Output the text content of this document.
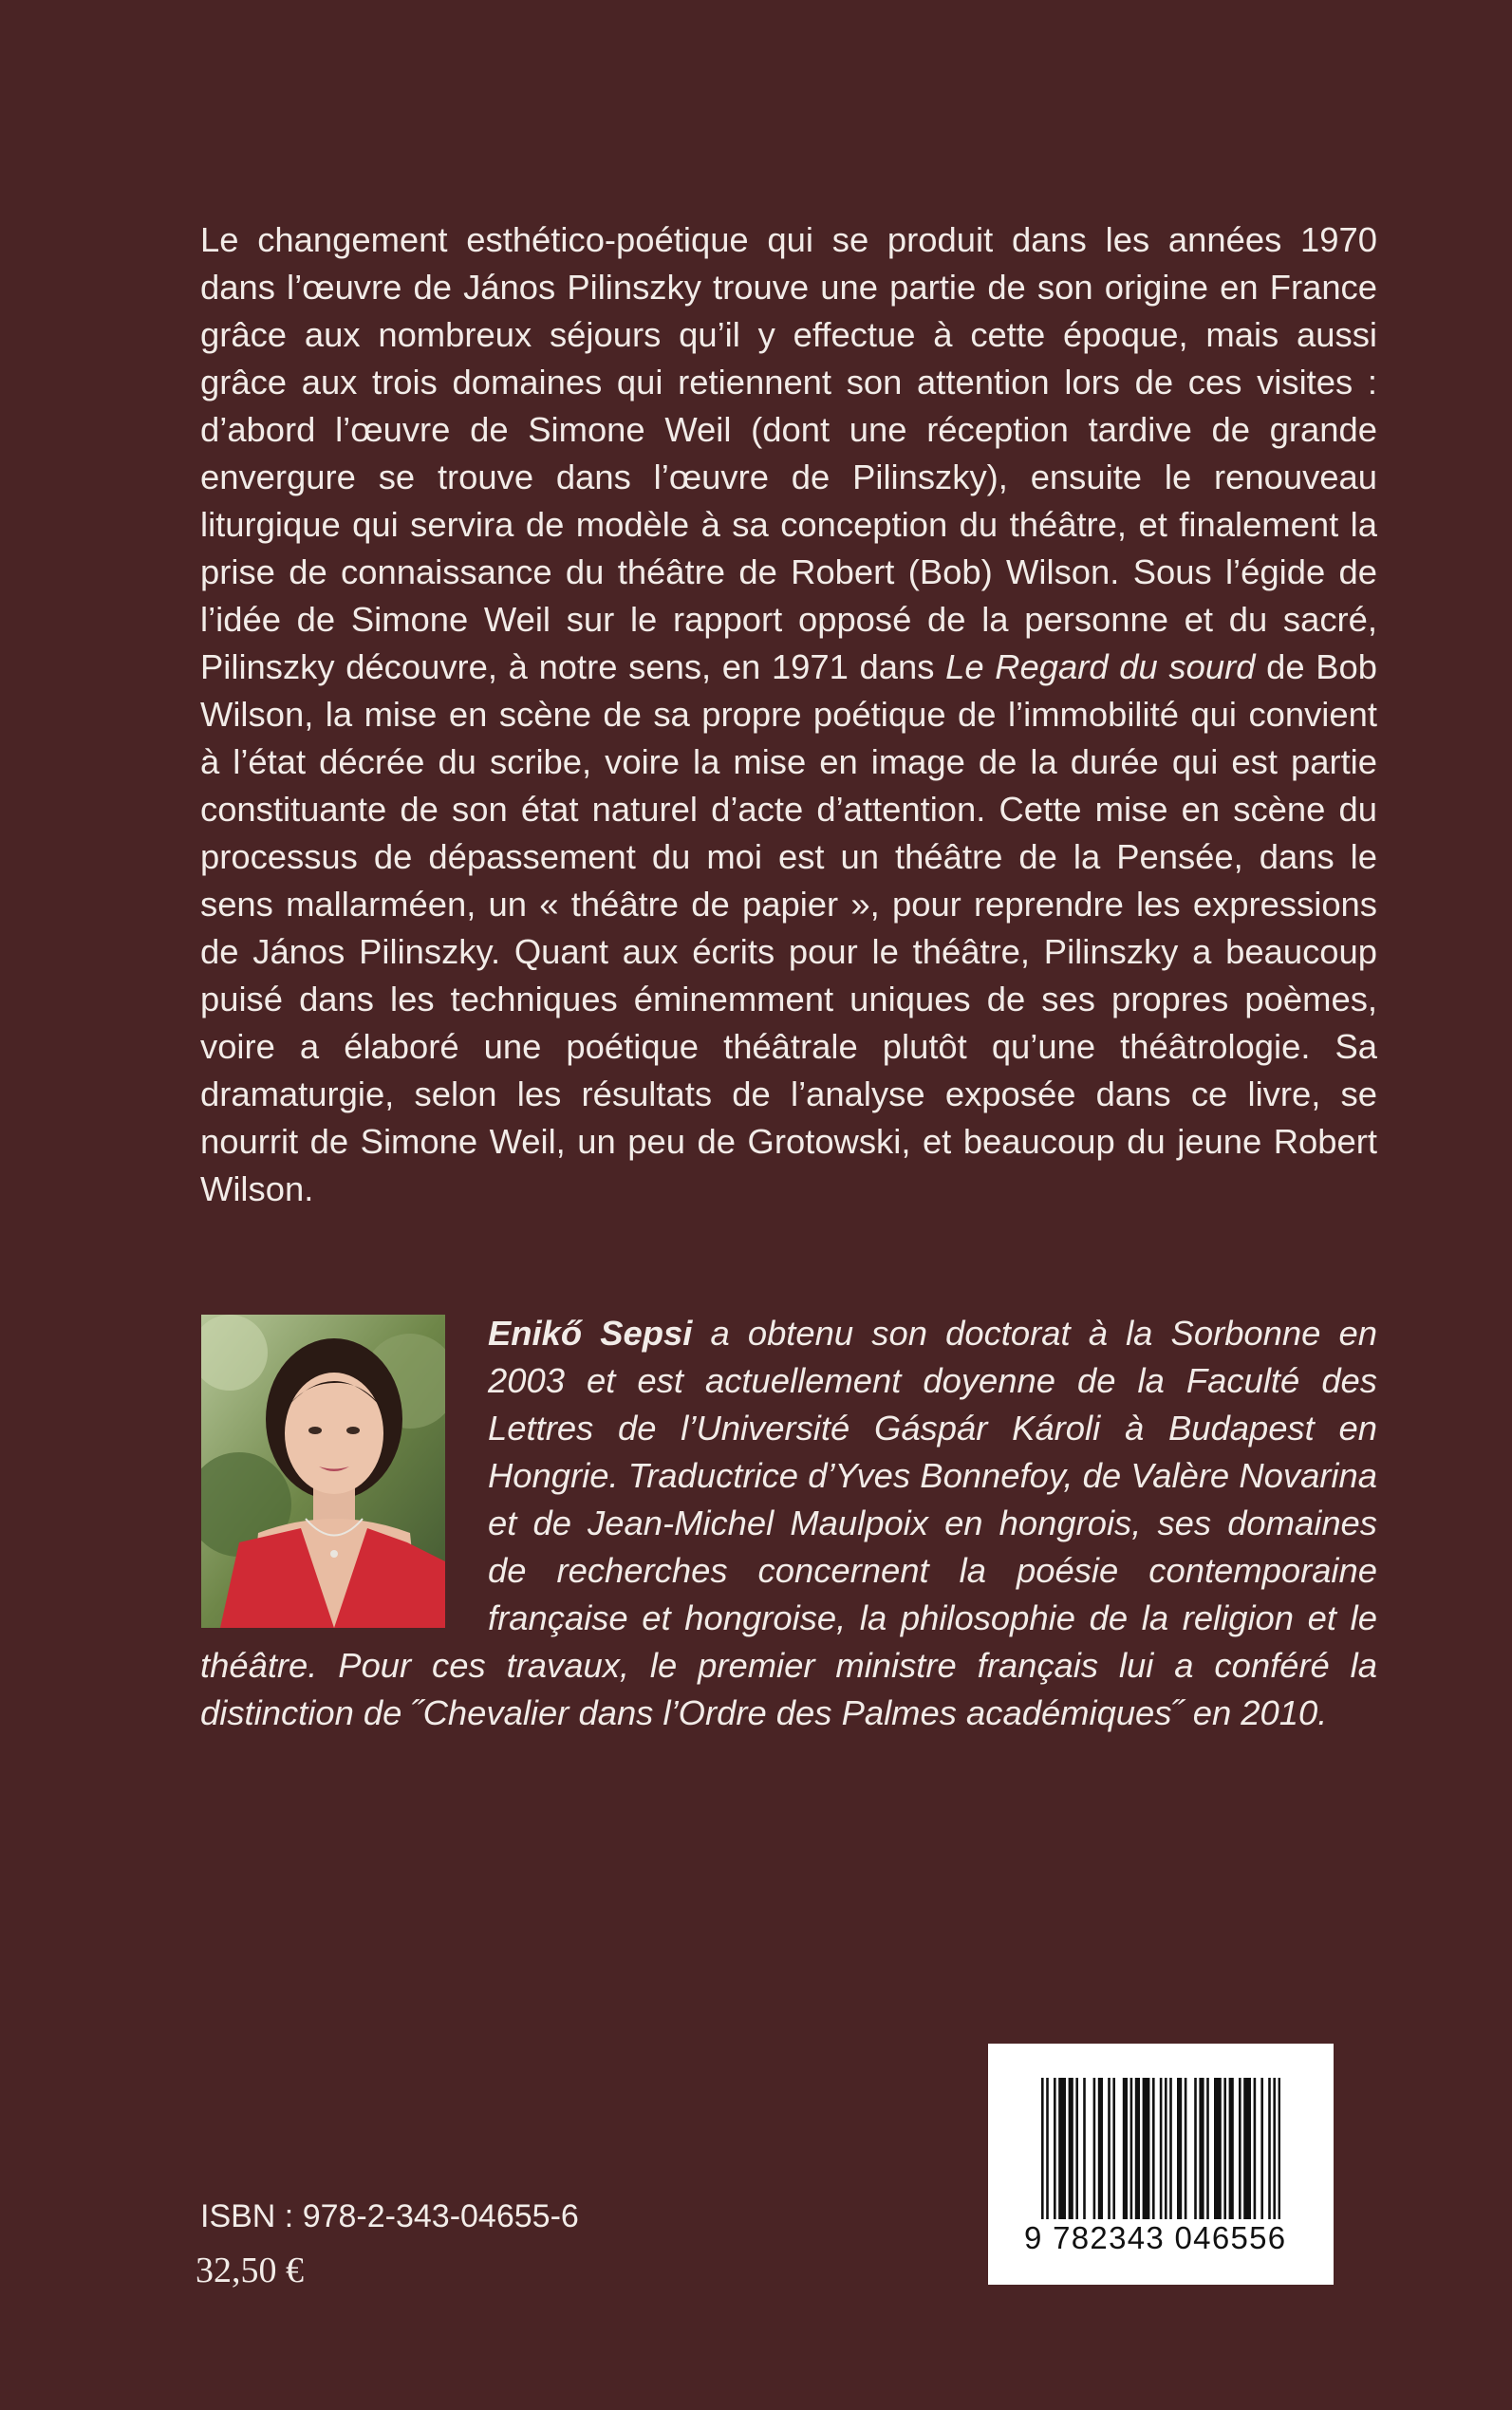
Le changement esthético-poétique qui se produit dans les années 1970 dans l’œuvre de János Pilinszky trouve une partie de son origine en France grâce aux nombreux séjours qu’il y effectue à cette époque, mais aussi grâce aux trois domaines qui retiennent son attention lors de ces visites : d’abord l’œuvre de Simone Weil (dont une réception tardive de grande envergure se trouve dans l’œuvre de Pilinszky), ensuite le renouveau liturgique qui servira de modèle à sa conception du théâtre, et finalement la prise de connaissance du théâtre de Robert (Bob) Wilson. Sous l’égide de l’idée de Simone Weil sur le rapport opposé de la personne et du sacré, Pilinszky découvre, à notre sens, en 1971 dans Le Regard du sourd de Bob Wilson, la mise en scène de sa propre poétique de l’immobilité qui convient à l’état décrée du scribe, voire la mise en image de la durée qui est partie constituante de son état naturel d’acte d’attention. Cette mise en scène du processus de dépassement du moi est un théâtre de la Pensée, dans le sens mallarméen, un « théâtre de papier », pour reprendre les expressions de János Pilinszky. Quant aux écrits pour le théâtre, Pilinszky a beaucoup puisé dans les techniques éminemment uniques de ses propres poèmes, voire a élaboré une poétique théâtrale plutôt qu’une théâtrologie. Sa dramaturgie, selon les résultats de l’analyse exposée dans ce livre, se nourrit de Simone Weil, un peu de Grotowski, et beaucoup du jeune Robert Wilson.

Enikő Sepsi a obtenu son doctorat à la Sorbonne en 2003 et est actuellement doyenne de la Faculté des Lettres de l’Université Gáspár Károli à Budapest en Hongrie. Traductrice d’Yves Bonnefoy, de Valère Novarina et de Jean-Michel Maulpoix en hongrois, ses domaines de recherches concernent la poésie contemporaine française et hongroise, la philosophie de la religion et le théâtre. Pour ces travaux, le premier ministre français lui a conféré la distinction de ˝Chevalier dans l’Ordre des Palmes académiques˝ en 2010.

ISBN : 978-2-343-04655-6
32,50 €
9 782343 046556
